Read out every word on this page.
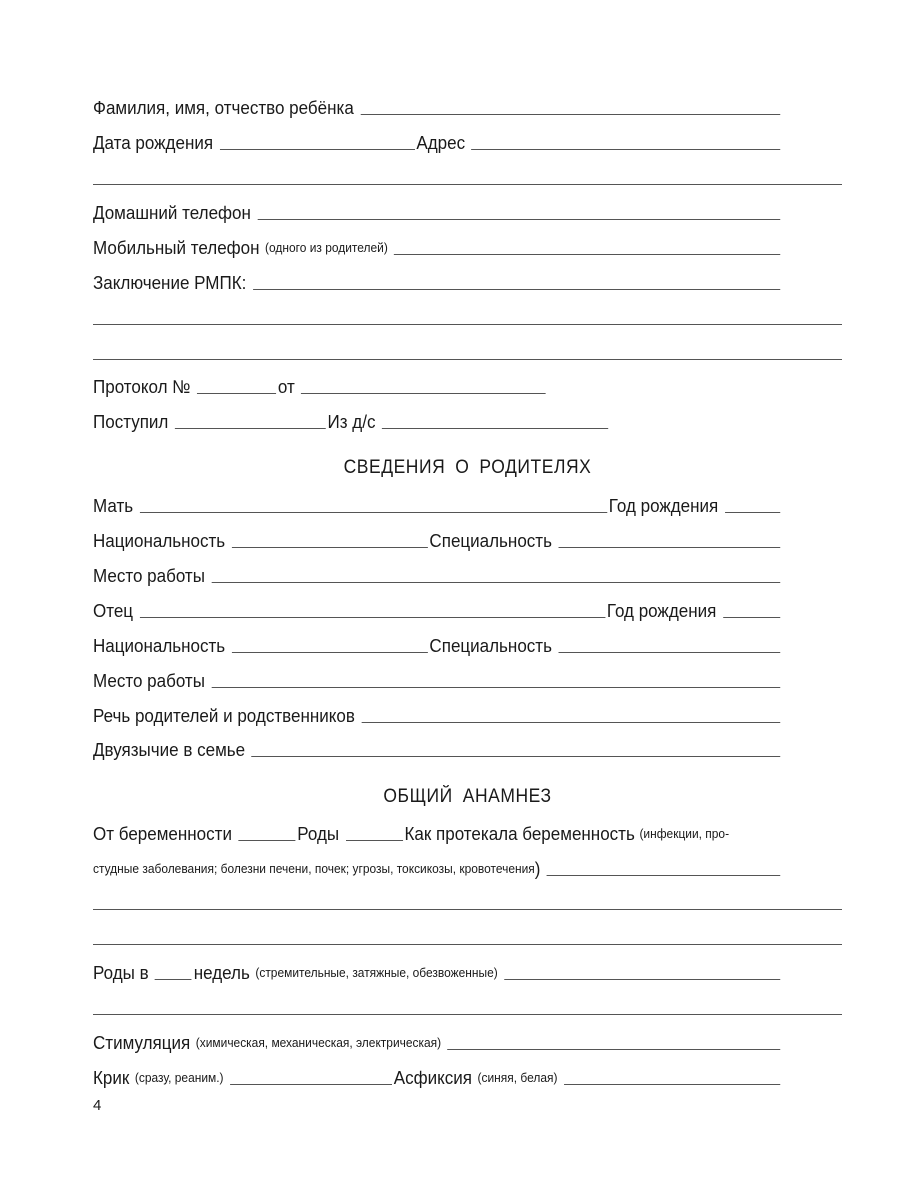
Фамилия, имя, отчество ребёнка
Дата рождения	Адрес
Домашний телефон
Мобильный телефон (одного из родителей)
Заключение РМПК:
Протокол №	от
Поступил	Из д/с
СВЕДЕНИЯ О РОДИТЕЛЯХ
Мать	Год рождения
Национальность	Специальность
Место работы
Отец	Год рождения
Национальность	Специальность
Место работы
Речь родителей и родственников
Двуязычие в семье
ОБЩИЙ АНАМНЕЗ
От беременности	Роды	Как протекала беременность (инфекции, про-
студные заболевания; болезни печени, почек; угрозы, токсикозы, кровотечения )
Роды в недель (стремительные, затяжные, обезвоженные)
Стимуляция (химическая, механическая, электрическая)
Крик (сразу, реаним.)	Асфиксия (синяя, белая)
4
